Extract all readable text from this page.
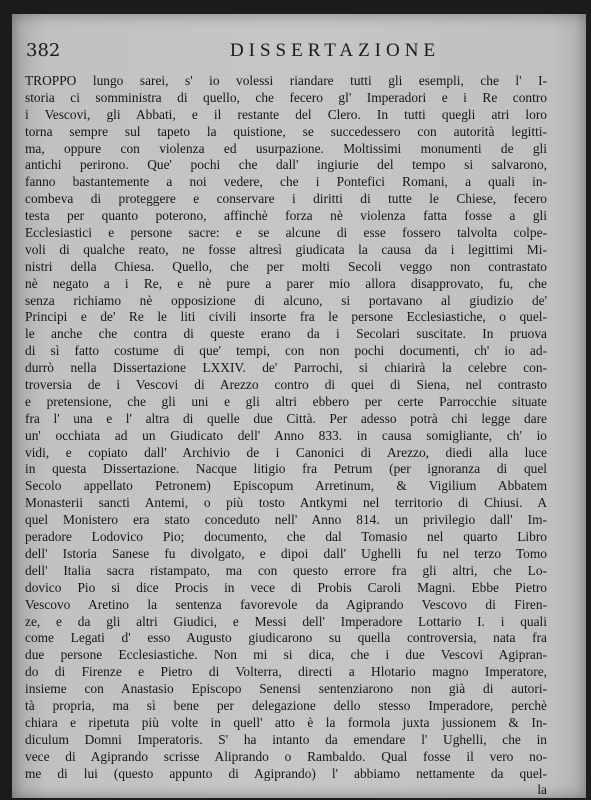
382	DISSERTAZIONE
TROPPO lungo sarei, s' io volessi riandare tutti gli esempli, che l' I-
storia ci somministra di quello, che fecero gl' Imperadori e i Re contro
i Vescovi, gli Abbati, e il restante del Clero. In tutti quegli atri loro
torna sempre sul tapeto la quistione, se succedessero con autorità legitti-
ma, oppure con violenza ed usurpazione. Moltissimi monumenti de gli
antichi perirono. Que' pochi che dall' ingiurie del tempo si salvarono,
fanno bastantemente a noi vedere, che i Pontefici Romani, a quali in-
combeva di proteggere e conservare i diritti di tutte le Chiese, fecero
testa per quanto poterono, affinchè forza nè violenza fatta fosse a gli
Ecclesiastici e persone sacre: e se alcune di esse fossero talvolta colpe-
voli di qualche reato, ne fosse altresì giudicata la causa da i legittimi Mi-
nistri della Chiesa. Quello, che per molti Secoli veggo non contrastato
nè negato a i Re, e nè pure a parer mio allora disapprovato, fu, che
senza richiamo nè opposizione di alcuno, si portavano al giudizio de'
Principi e de' Re le liti civili insorte fra le persone Ecclesiastiche, o quel-
le anche che contra di queste erano da i Secolari suscitate. In pruova
di sì fatto costume di que' tempi, con non pochi documenti, ch' io ad-
durrò nella Dissertazione LXXIV. de' Parrochi, si chiarirà la celebre con-
troversia de i Vescovi di Arezzo contro di quei di Siena, nel contrasto
e pretensione, che gli uni e gli altri ebbero per certe Parrocchie situate
fra l' una e l' altra di quelle due Città. Per adesso potrà chi legge dare
un' occhiata ad un Giudicato dell' Anno 833. in causa somigliante, ch' io
vidi, e copiato dall' Archivio de i Canonici di Arezzo, diedi alla luce
in questa Dissertazione. Nacque litigio fra Petrum (per ignoranza di quel
Secolo appellato Petronem) Episcopum Arretinum, & Vigilium Abbatem
Monasterii sancti Antemi, o più tosto Antkymi nel territorio di Chiusi. A
quel Monistero era stato conceduto nell' Anno 814. un privilegio dall' Im-
peradore Lodovico Pio; documento, che dal Tomasio nel quarto Libro
dell' Istoria Sanese fu divolgato, e dipoi dall' Ughelli fu nel terzo Tomo
dell' Italia sacra ristampato, ma con questo errore fra gli altri, che Lo-
dovico Pio si dice Procis in vece di Probis Caroli Magni. Ebbe Pietro
Vescovo Aretino la sentenza favorevole da Agiprando Vescovo di Firen-
ze, e da gli altri Giudici, e Messi dell' Imperadore Lottario I. i quali
come Legati d' esso Augusto giudicarono su quella controversia, nata fra
due persone Ecclesiastiche. Non mi si dica, che i due Vescovi Agipran-
do di Firenze e Pietro di Volterra, directi a Hlotario magno Imperatore,
insieme con Anastasio Episcopo Senensi sentenziarono non già di autori-
tà propria, ma sì bene per delegazione dello stesso Imperadore, perchè
chiara e ripetuta più volte in quell' atto è la formola juxta jussionem & In-
diculum Domni Imperatoris. S' ha intanto da emendare l' Ughelli, che in
vece di Agiprando scrisse Aliprando o Rambaldo. Qual fosse il vero no-
me di lui (questo appunto di Agiprando) l' abbiamo nettamente da quel-
la
